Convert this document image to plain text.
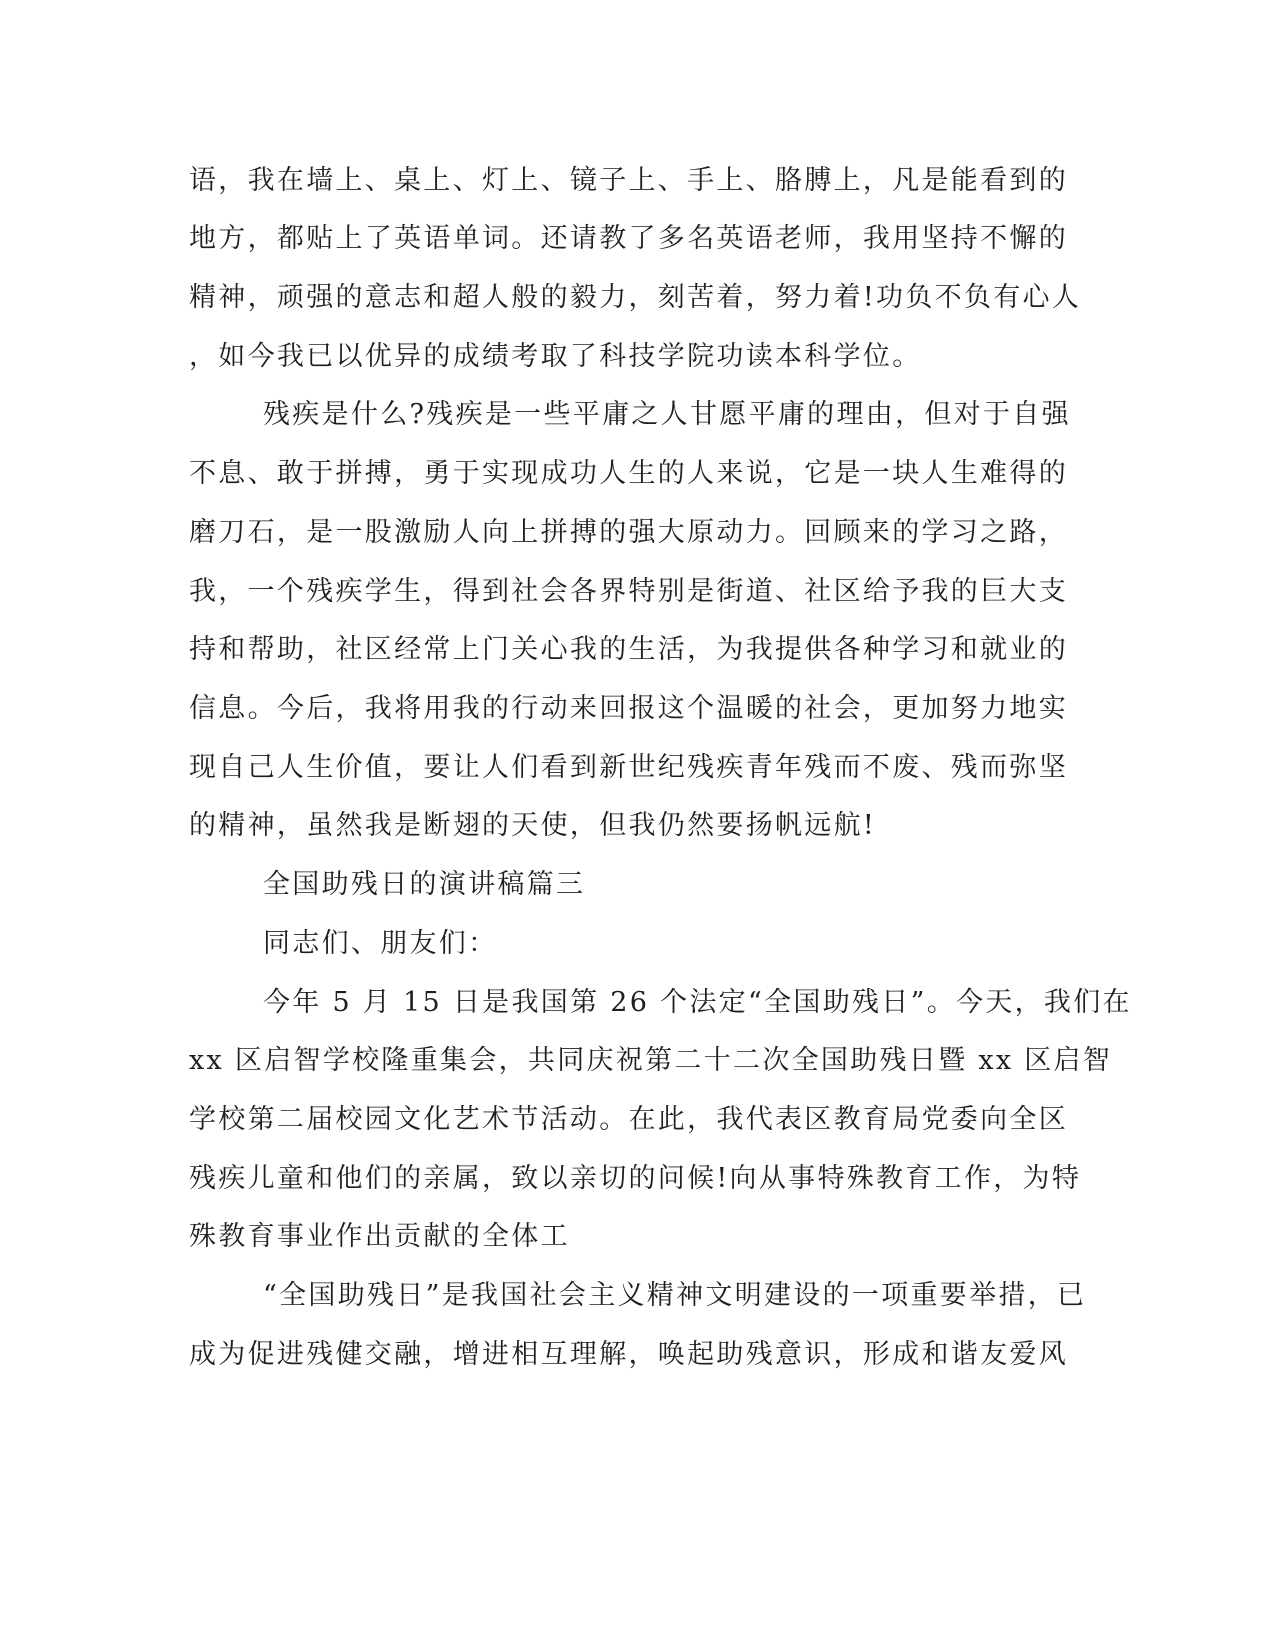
语，我在墙上、桌上、灯上、镜子上、手上、胳膊上，凡是能看到的

地方，都贴上了英语单词。还请教了多名英语老师，我用坚持不懈的

精神，顽强的意志和超人般的毅力，刻苦着，努力着!功负不负有心人

，如今我已以优异的成绩考取了科技学院功读本科学位。

残疾是什么?残疾是一些平庸之人甘愿平庸的理由，但对于自强

不息、敢于拼搏，勇于实现成功人生的人来说，它是一块人生难得的

磨刀石，是一股激励人向上拼搏的强大原动力。回顾来的学习之路，

我，一个残疾学生，得到社会各界特别是街道、社区给予我的巨大支

持和帮助，社区经常上门关心我的生活，为我提供各种学习和就业的

信息。今后，我将用我的行动来回报这个温暖的社会，更加努力地实

现自己人生价值，要让人们看到新世纪残疾青年残而不废、残而弥坚

的精神，虽然我是断翅的天使，但我仍然要扬帆远航!

全国助残日的演讲稿篇三

同志们、朋友们：

今年 5 月 15 日是我国第 26 个法定“全国助残日”。今天，我们在

xx 区启智学校隆重集会，共同庆祝第二十二次全国助残日暨 xx 区启智

学校第二届校园文化艺术节活动。在此，我代表区教育局党委向全区

残疾儿童和他们的亲属，致以亲切的问候!向从事特殊教育工作，为特

殊教育事业作出贡献的全体工

“全国助残日”是我国社会主义精神文明建设的一项重要举措，已

成为促进残健交融，增进相互理解，唤起助残意识，形成和谐友爱风
